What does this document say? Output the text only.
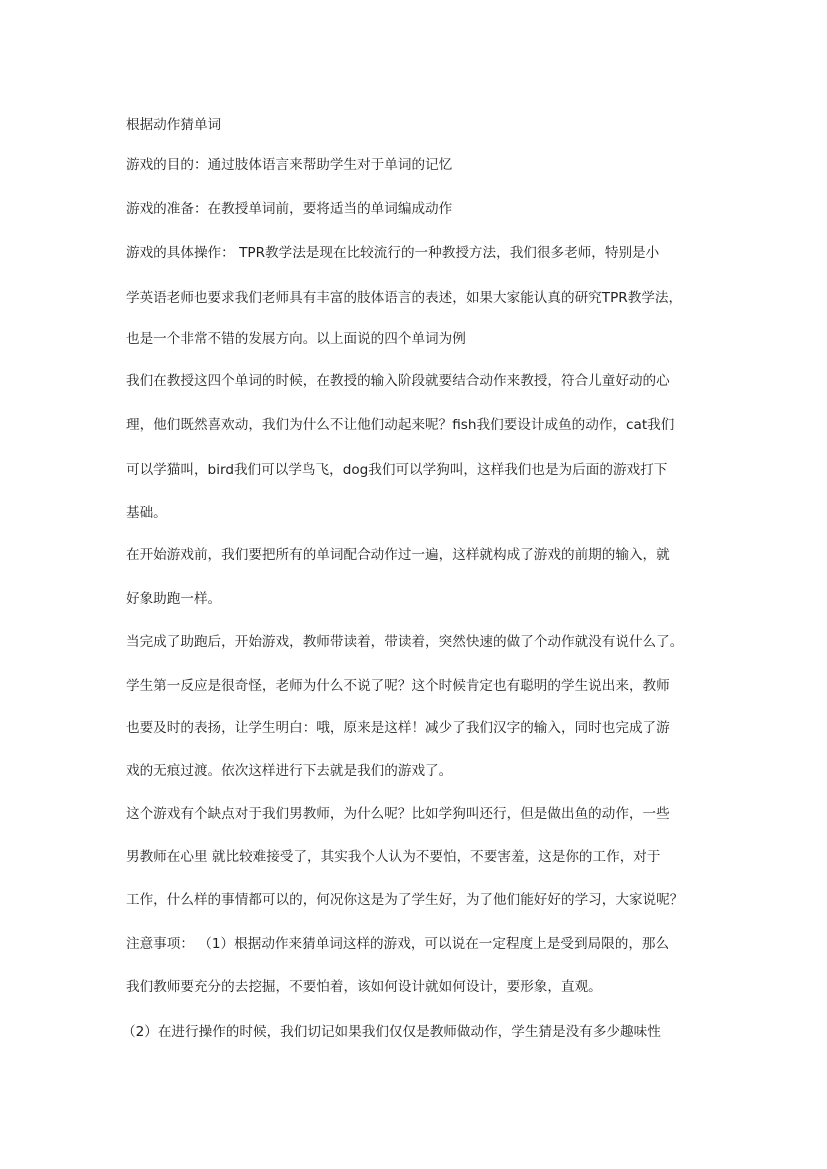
根据动作猜单词
游戏的目的：通过肢体语言来帮助学生对于单词的记忆
游戏的准备：在教授单词前，要将适当的单词编成动作
游戏的具体操作： TPR教学法是现在比较流行的一种教授方法，我们很多老师，特别是小
学英语老师也要求我们老师具有丰富的肢体语言的表述，如果大家能认真的研究TPR教学法，
也是一个非常不错的发展方向。以上面说的四个单词为例
我们在教授这四个单词的时候，在教授的输入阶段就要结合动作来教授，符合儿童好动的心
理，他们既然喜欢动，我们为什么不让他们动起来呢？fish我们要设计成鱼的动作，cat我们
可以学猫叫，bird我们可以学鸟飞，dog我们可以学狗叫，这样我们也是为后面的游戏打下
基础。
在开始游戏前，我们要把所有的单词配合动作过一遍，这样就构成了游戏的前期的输入，就
好象助跑一样。
当完成了助跑后，开始游戏，教师带读着，带读着，突然快速的做了个动作就没有说什么了。
学生第一反应是很奇怪，老师为什么不说了呢？这个时候肯定也有聪明的学生说出来，教师
也要及时的表扬，让学生明白：哦，原来是这样！减少了我们汉字的输入，同时也完成了游
戏的无痕过渡。依次这样进行下去就是我们的游戏了。
这个游戏有个缺点对于我们男教师，为什么呢？比如学狗叫还行，但是做出鱼的动作，一些
男教师在心里 就比较难接受了，其实我个人认为不要怕，不要害羞，这是你的工作，对于
工作，什么样的事情都可以的，何况你这是为了学生好，为了他们能好好的学习，大家说呢？
注意事项： （1）根据动作来猜单词这样的游戏，可以说在一定程度上是受到局限的，那么
我们教师要充分的去挖掘，不要怕着，该如何设计就如何设计，要形象，直观。
（2）在进行操作的时候，我们切记如果我们仅仅是教师做动作，学生猜是没有多少趣味性
